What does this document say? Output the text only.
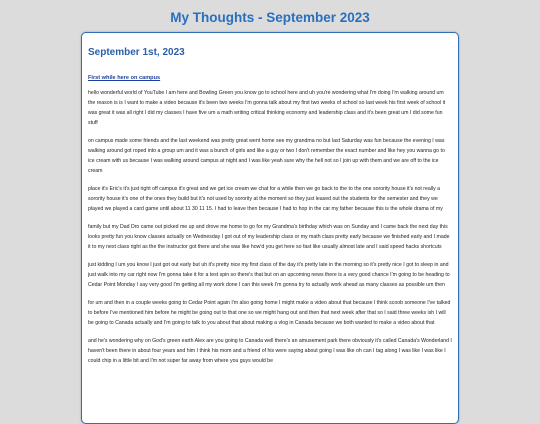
My Thoughts - September 2023
September 1st, 2023
First while here on campus

hello wonderful world of YouTube I am here and Bowling Green you know go to school here and uh you're wondering what I'm doing I'm walking around um the reason is is I want to make a video because it's been two weeks I'm gonna talk about my first two weeks of school so last week his first week of school it was great it was all right I did my classes I have five um a math writing critical thinking economy and leadership class and it's been great um I did some fun stuff

on campus made some friends and the last weekend was pretty great went home see my grandma no but last Saturday was fun because the evening I was walking around got roped into a group um and it was a bunch of girls and like a guy or two I don't remember the exact number and like hey you wanna go to ice cream with us because I was walking around campus at night and I was like yeah sure why the hell not so I join up with them and we are off to the ice cream

place it's Eric's it's just right off campus it's great and we get ice cream we chat for a while then we go back to the to the one sorority house it's not really a sorority house it's one of the ones they build but it's not used by sorority at the moment so they just leased out the students for the semester and they we played we played a card game until about 11 30 11 15. I had to leave then because I had to hop in the car my father because this is the whole drama of my

family but my Dad Dro came out picked me up and drove me home to go for my Grandma's birthday which was on Sunday and I came back the next day this looks pretty fun you know classes actually on Wednesday I got out of my leadership class or my math class pretty early because we finished early and I made it to my next class right as the the instructor got there and she was like how'd you get here so fast like usually almost late and I said speed hacks shortcuts

just kidding I um you know I just got out early but uh it's pretty nice my first class of the day it's pretty late in the morning so it's pretty nice I got to sleep in and just walk into my car right now I'm gonna take it for a test spin so there's that but on an upcoming news there is a very good chance I'm going to be heading to Cedar Point Monday I say very good I'm getting all my work done I can this week I'm gonna try to actually work ahead as many classes as possible um then

for um and then in a couple weeks going to Cedar Point again I'm also going home I might make a video about that because I think scoob someone I've talked to before I've mentioned him before he might be going out to that one so we might hang out and then that next week after that so I said three weeks ish I will be going to Canada actually and I'm going to talk to you about that about making a vlog in Canada because we both wanted to make a video about that

and he's wondering why on God's green earth Alex are you going to Canada well there's an amusement park there obviously it's called Canada's Wonderland I haven't been there in about four years and him I think his mom and a friend of his were saying about going I was like oh can I tag along I was like I was like I could chip in a little bit and I'm not super far away from where you guys would be
